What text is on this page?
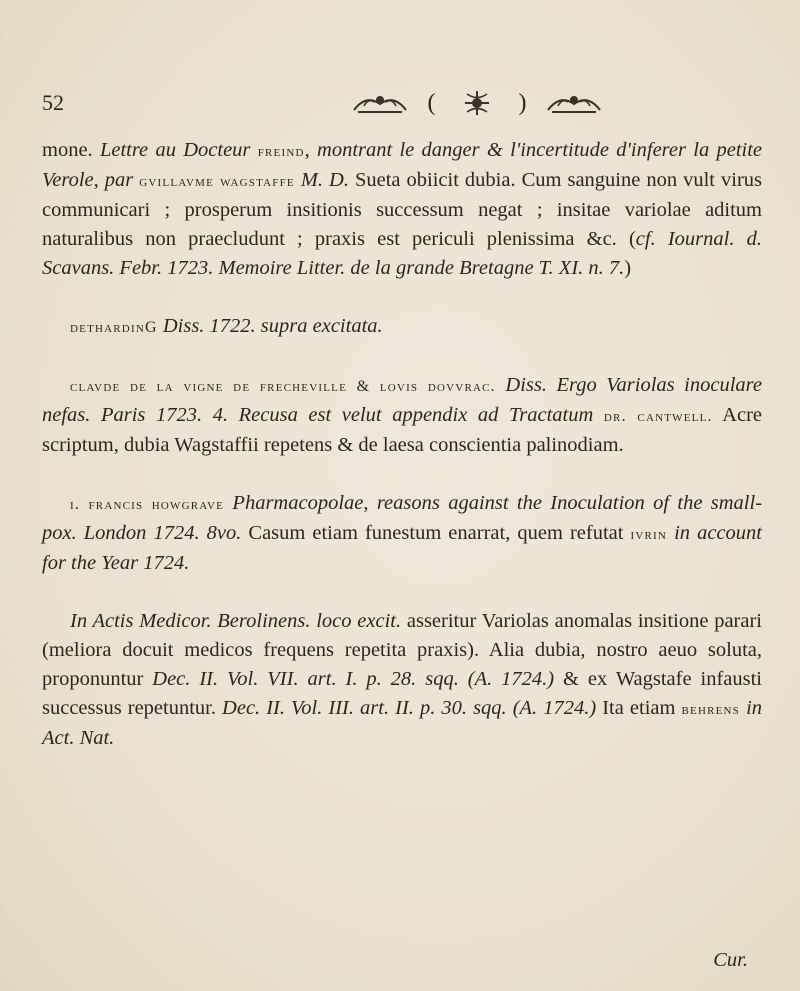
52	(	)

mone. Lettre au Docteur freind, montrant le danger & l'incertitude d'inferer la petite Verole, par gvillavme wagstaffe M. D. Sueta obiicit dubia. Cum sanguine non vult virus communicari ; prosperum insitionis successum negat ; insitae variolae aditum naturalibus non praecludunt ; praxis est periculi plenissima &c. (cf. Iournal. d. Scavans. Febr. 1723. Memoire Litter. de la grande Bretagne T. XI. n. 7.)

dethardinG Diss. 1722. supra excitata.

clavde de la vigne de frecheville & lovis dovvrac. Diss. Ergo Variolas inoculare nefas. Paris 1723. 4. Recusa est velut appendix ad Tractatum dr. cantwell. Acre scriptum, dubia Wagstaffii repetens & de laesa conscientia palinodiam.

i. francis howgrave Pharmacopolae, reasons against the Inoculation of the small-pox. London 1724. 8vo. Casum etiam funestum enarrat, quem refutat ivrin in account for the Year 1724.

In Actis Medicor. Berolinens. loco excit. asseritur Variolas anomalas insitione parari (meliora docuit medicos frequens repetita praxis). Alia dubia, nostro aeuo soluta, proponuntur Dec. II. Vol. VII. art. I. p. 28. sqq. (A. 1724.) & ex Wagstafe infausti successus repetuntur. Dec. II. Vol. III. art. II. p. 30. sqq. (A. 1724.) Ita etiam behrens in Act. Nat.

Cur.
